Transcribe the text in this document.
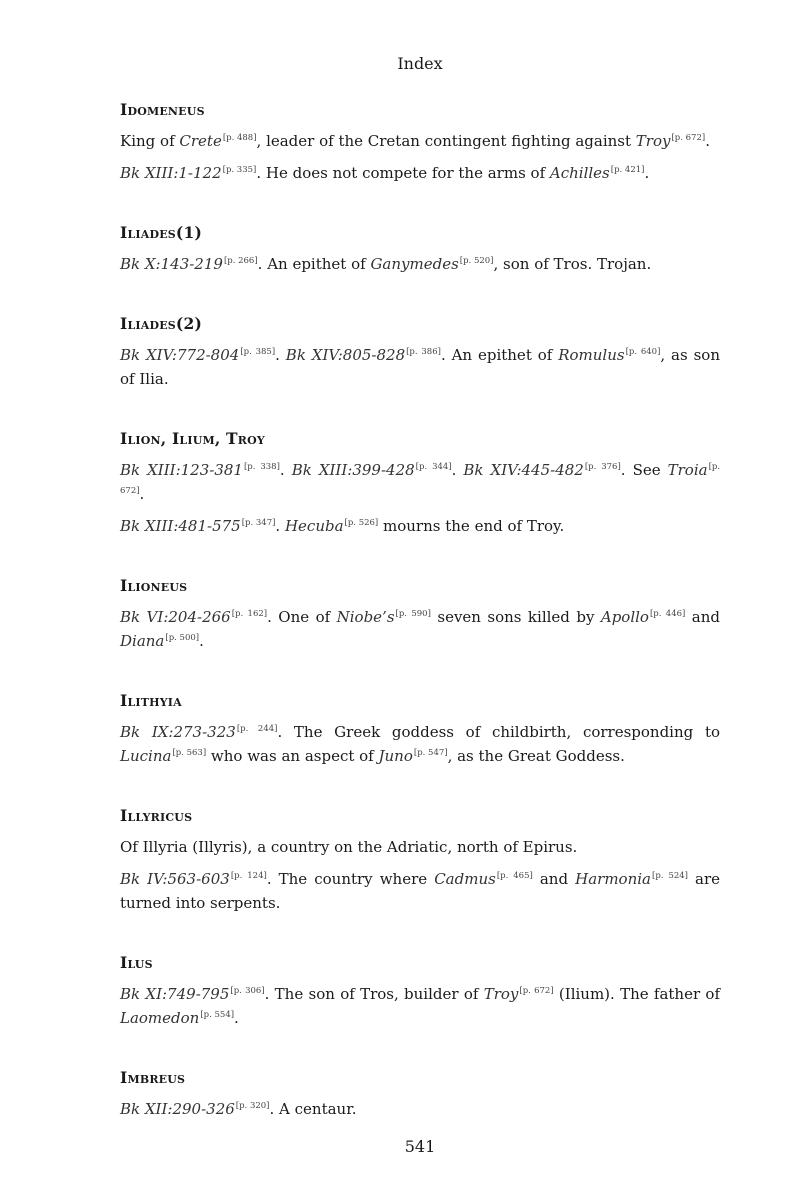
Index
Idomeneus

King of Crete[p. 488], leader of the Cretan contingent fighting against Troy[p. 672].

Bk XIII:1-122[p. 335]. He does not compete for the arms of Achilles[p. 421].

Iliades(1)

Bk X:143-219[p. 266]. An epithet of Ganymedes[p. 520], son of Tros. Trojan.

Iliades(2)

Bk XIV:772-804[p. 385]. Bk XIV:805-828[p. 386]. An epithet of Romulus[p. 640], as son of Ilia.

Ilion, Ilium, Troy

Bk XIII:123-381[p. 338]. Bk XIII:399-428[p. 344]. Bk XIV:445-482[p. 376]. See Troia[p. 672].

Bk XIII:481-575[p. 347]. Hecuba[p. 526] mourns the end of Troy.

Ilioneus

Bk VI:204-266[p. 162]. One of Niobe’s[p. 590] seven sons killed by Apollo[p. 446] and Diana[p. 500].

Ilithyia

Bk IX:273-323[p. 244]. The Greek goddess of childbirth, corresponding to Lucina[p. 563] who was an aspect of Juno[p. 547], as the Great Goddess.

Illyricus

Of Illyria (Illyris), a country on the Adriatic, north of Epirus.

Bk IV:563-603[p. 124]. The country where Cadmus[p. 465] and Harmonia[p. 524] are turned into serpents.

Ilus

Bk XI:749-795[p. 306]. The son of Tros, builder of Troy[p. 672] (Ilium). The father of Laomedon[p. 554].

Imbreus

Bk XII:290-326[p. 320]. A centaur.

541
